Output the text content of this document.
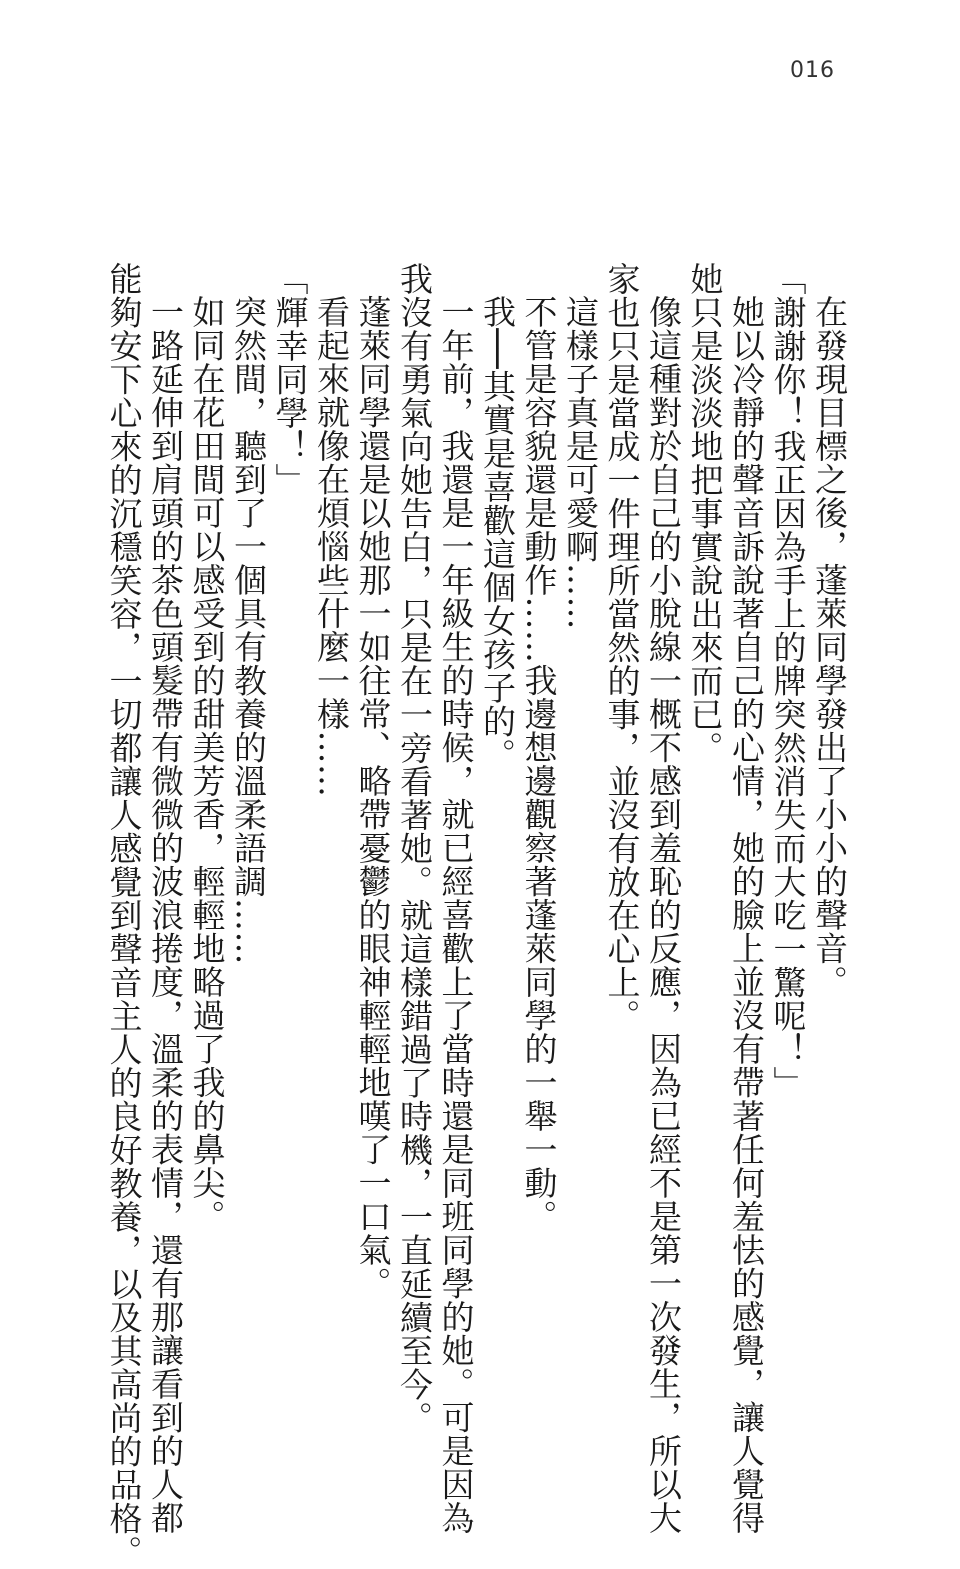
016

在發現目標之後，蓬萊同學發出了小小的聲音。

「謝謝你！我正因為手上的牌突然消失而大吃一驚呢！」

她以冷靜的聲音訴說著自己的心情，她的臉上並沒有帶著任何羞怯的感覺，讓人覺得

她只是淡淡地把事實說出來而已。

像這種對於自己的小脫線一概不感到羞恥的反應，因為已經不是第一次發生，所以大

家也只是當成一件理所當然的事，並沒有放在心上。

這樣子真是可愛啊……

不管是容貌還是動作……我邊想邊觀察著蓬萊同學的一舉一動。

我──其實是喜歡這個女孩子的。

一年前，我還是一年級生的時候，就已經喜歡上了當時還是同班同學的她。可是因為

我沒有勇氣向她告白，只是在一旁看著她。就這樣錯過了時機，一直延續至今。

蓬萊同學還是以她那一如往常、略帶憂鬱的眼神輕輕地嘆了一口氣。

看起來就像在煩惱些什麼一樣……

「輝幸同學！」

突然間，聽到了一個具有教養的溫柔語調……

如同在花田間可以感受到的甜美芳香，輕輕地略過了我的鼻尖。

一路延伸到肩頭的茶色頭髮帶有微微的波浪捲度，溫柔的表情，還有那讓看到的人都

能夠安下心來的沉穩笑容，一切都讓人感覺到聲音主人的良好教養，以及其高尚的品格。
